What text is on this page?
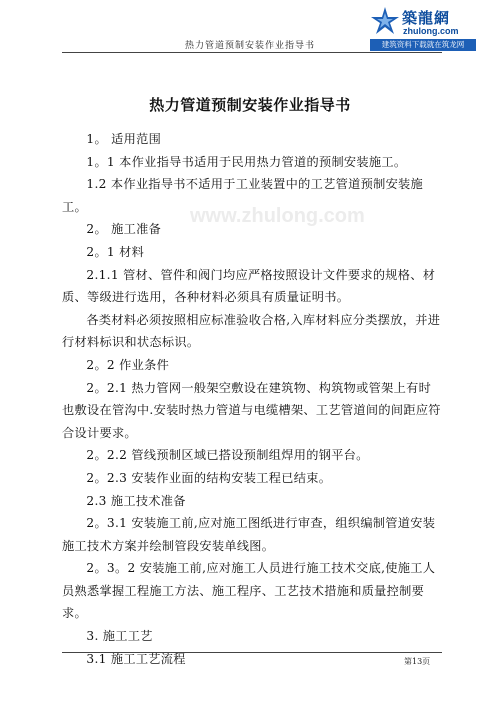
热力管道预制安装作业指导书
築龍網
zhulong.com
建筑资料下载就在筑龙网
www.zhulong.com
热力管道预制安装作业指导书

1。 适用范围

1。1 本作业指导书适用于民用热力管道的预制安装施工。

1.2 本作业指导书不适用于工业装置中的工艺管道预制安装施工。

2。 施工准备

2。1 材料

2.1.1 管材、管件和阀门均应严格按照设计文件要求的规格、材质、等级进行选用，各种材料必须具有质量证明书。

各类材料必须按照相应标准验收合格,入库材料应分类摆放，并进行材料标识和状态标识。

2。2 作业条件

2。2.1 热力管网一般架空敷设在建筑物、构筑物或管架上有时也敷设在管沟中.安装时热力管道与电缆槽架、工艺管道间的间距应符合设计要求。

2。2.2 管线预制区域已搭设预制组焊用的钢平台。

2。2.3 安装作业面的结构安装工程已结束。

2.3 施工技术准备

2。3.1 安装施工前,应对施工图纸进行审查，组织编制管道安装施工技术方案并绘制管段安装单线图。

2。3。2 安装施工前,应对施工人员进行施工技术交底,使施工人员熟悉掌握工程施工方法、施工程序、工艺技术措施和质量控制要求。

3. 施工工艺

3.1 施工工艺流程	第13页
